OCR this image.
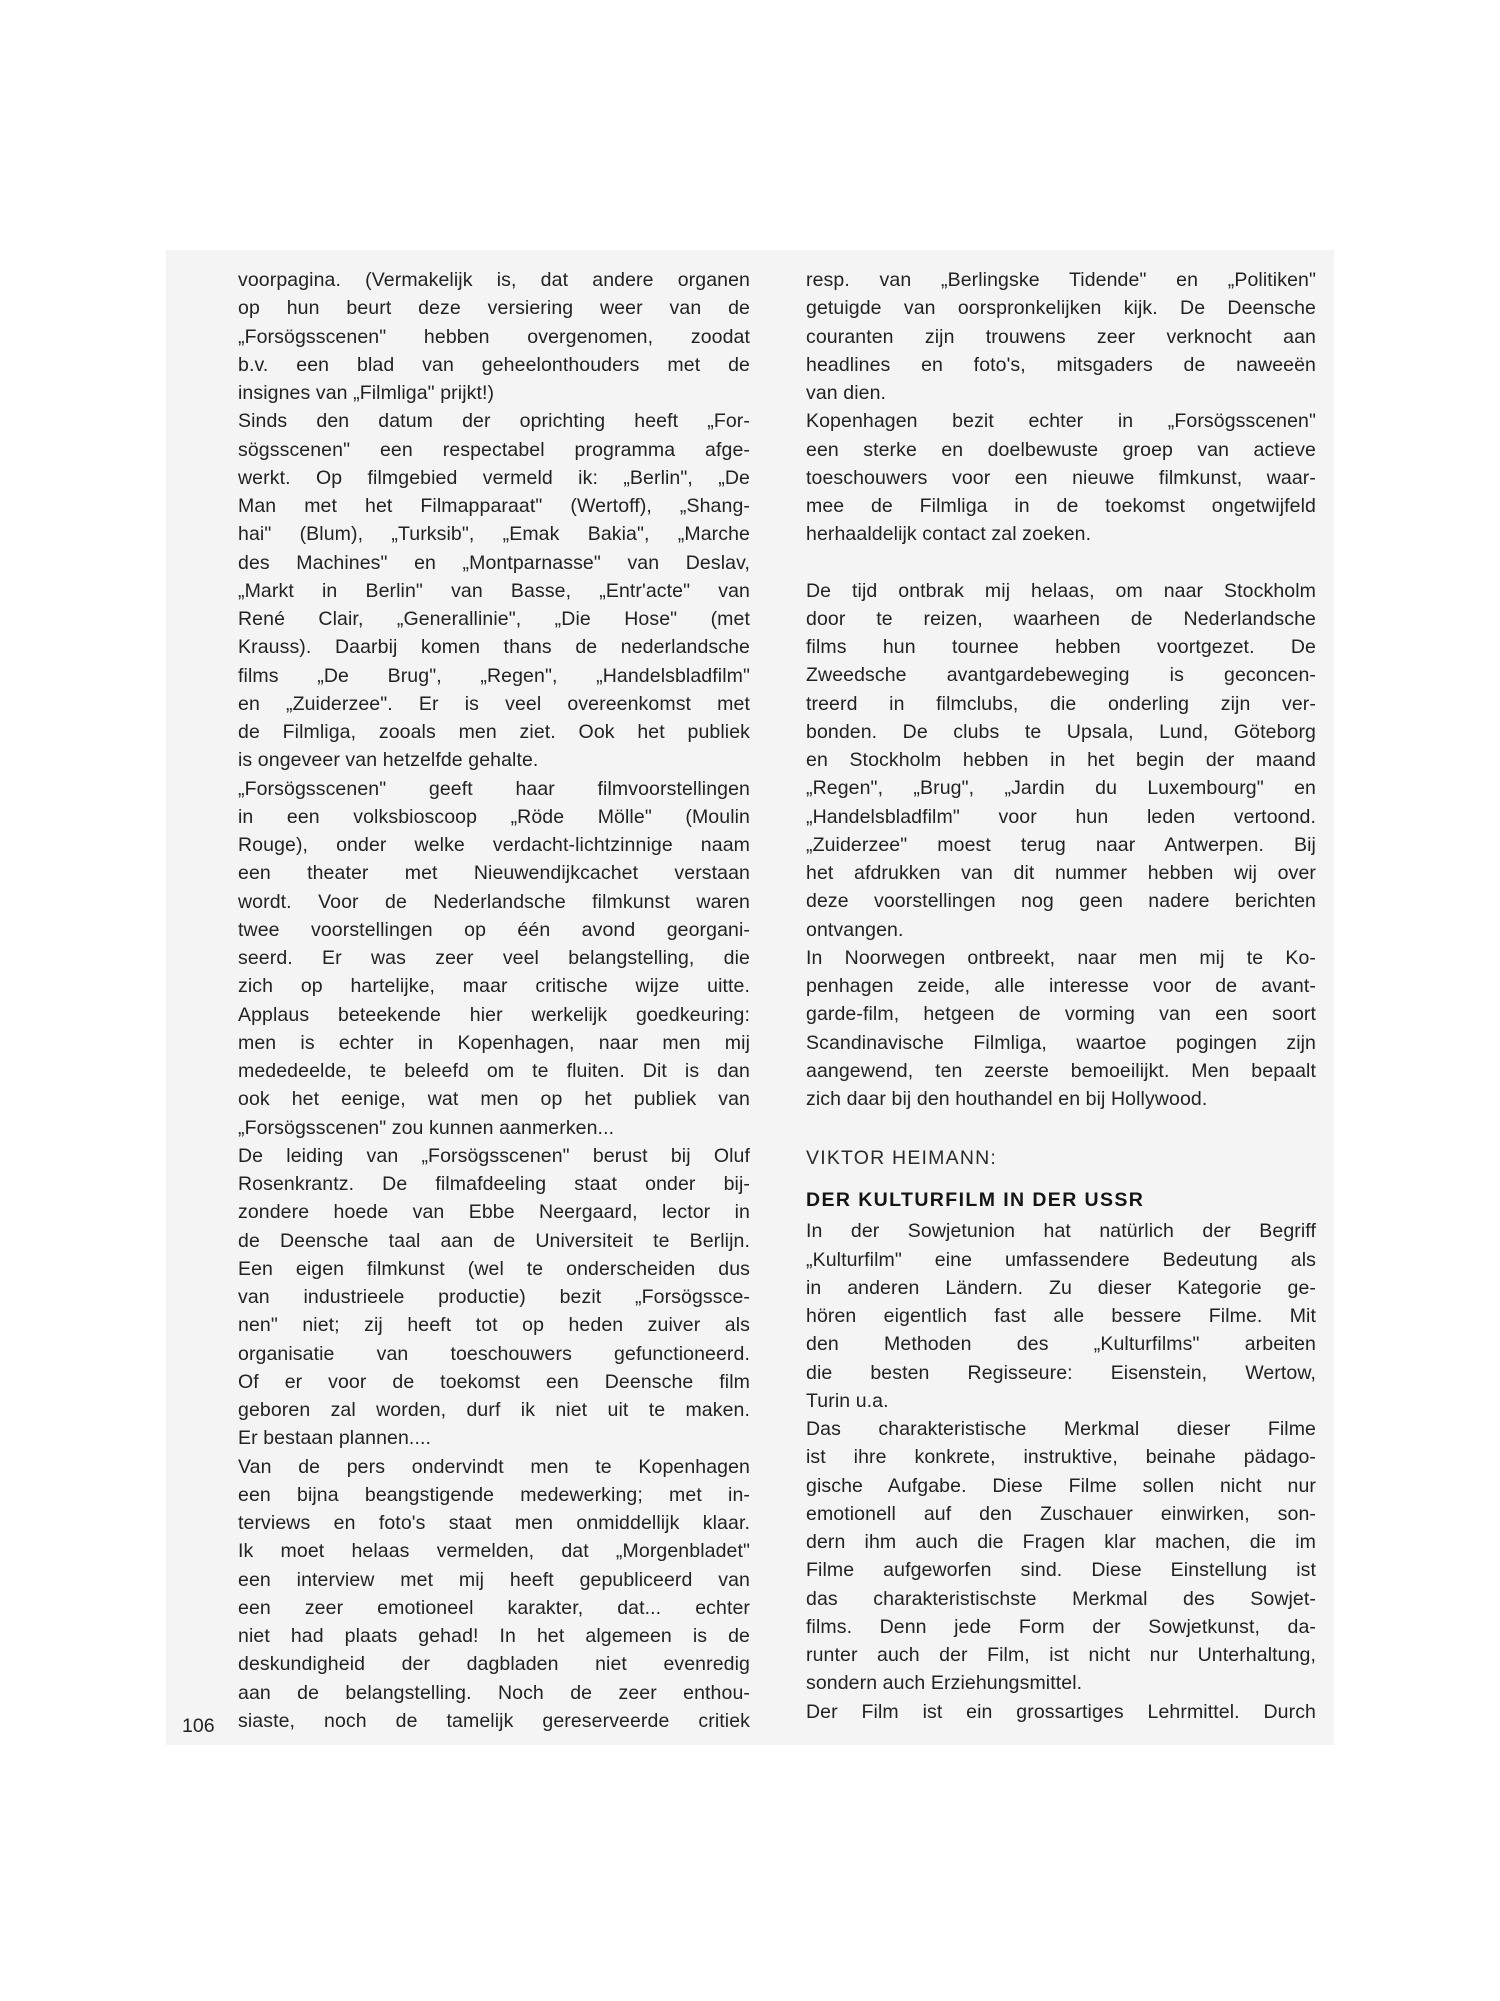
voorpagina. (Vermakelijk is, dat andere organen
op hun beurt deze versiering weer van de
„Forsögsscenen" hebben overgenomen, zoodat
b.v. een blad van geheelonthouders met de
insignes van „Filmliga" prijkt!)
Sinds den datum der oprichting heeft „For-
sögsscenen" een respectabel programma afge-
werkt. Op filmgebied vermeld ik: „Berlin", „De
Man met het Filmapparaat" (Wertoff), „Shang-
hai" (Blum), „Turksib", „Emak Bakia", „Marche
des Machines" en „Montparnasse" van Deslav,
„Markt in Berlin" van Basse, „Entr'acte" van
René Clair, „Generallinie", „Die Hose" (met
Krauss). Daarbij komen thans de nederlandsche
films „De Brug", „Regen", „Handelsbladfilm"
en „Zuiderzee". Er is veel overeenkomst met
de Filmliga, zooals men ziet. Ook het publiek
is ongeveer van hetzelfde gehalte.
„Forsögsscenen" geeft haar filmvoorstellingen
in een volksbioscoop „Röde Mölle" (Moulin
Rouge), onder welke verdacht-lichtzinnige naam
een theater met Nieuwendijkcachet verstaan
wordt. Voor de Nederlandsche filmkunst waren
twee voorstellingen op één avond georgani-
seerd. Er was zeer veel belangstelling, die
zich op hartelijke, maar critische wijze uitte.
Applaus beteekende hier werkelijk goedkeuring:
men is echter in Kopenhagen, naar men mij
mededeelde, te beleefd om te fluiten. Dit is dan
ook het eenige, wat men op het publiek van
„Forsögsscenen" zou kunnen aanmerken...
De leiding van „Forsögsscenen" berust bij Oluf
Rosenkrantz. De filmafdeeling staat onder bij-
zondere hoede van Ebbe Neergaard, lector in
de Deensche taal aan de Universiteit te Berlijn.
Een eigen filmkunst (wel te onderscheiden dus
van industrieele productie) bezit „Forsögssce-
nen" niet; zij heeft tot op heden zuiver als
organisatie van toeschouwers gefunctioneerd.
Of er voor de toekomst een Deensche film
geboren zal worden, durf ik niet uit te maken.
Er bestaan plannen....
Van de pers ondervindt men te Kopenhagen
een bijna beangstigende medewerking; met in-
terviews en foto's staat men onmiddellijk klaar.
Ik moet helaas vermelden, dat „Morgenbladet"
een interview met mij heeft gepubliceerd van
een zeer emotioneel karakter, dat... echter
niet had plaats gehad! In het algemeen is de
deskundigheid der dagbladen niet evenredig
aan de belangstelling. Noch de zeer enthou-
siaste, noch de tamelijk gereserveerde critiek
resp. van „Berlingske Tidende" en „Politiken"
getuigde van oorspronkelijken kijk. De Deensche
couranten zijn trouwens zeer verknocht aan
headlines en foto's, mitsgaders de naweeën
van dien.
Kopenhagen bezit echter in „Forsögsscenen"
een sterke en doelbewuste groep van actieve
toeschouwers voor een nieuwe filmkunst, waar-
mee de Filmliga in de toekomst ongetwijfeld
herhaaldelijk contact zal zoeken.
De tijd ontbrak mij helaas, om naar Stockholm
door te reizen, waarheen de Nederlandsche
films hun tournee hebben voortgezet. De
Zweedsche avantgardebeweging is geconcen-
treerd in filmclubs, die onderling zijn ver-
bonden. De clubs te Upsala, Lund, Göteborg
en Stockholm hebben in het begin der maand
„Regen", „Brug", „Jardin du Luxembourg" en
„Handelsbladfilm" voor hun leden vertoond.
„Zuiderzee" moest terug naar Antwerpen. Bij
het afdrukken van dit nummer hebben wij over
deze voorstellingen nog geen nadere berichten
ontvangen.
In Noorwegen ontbreekt, naar men mij te Ko-
penhagen zeide, alle interesse voor de avant-
garde-film, hetgeen de vorming van een soort
Scandinavische Filmliga, waartoe pogingen zijn
aangewend, ten zeerste bemoeilijkt. Men bepaalt
zich daar bij den houthandel en bij Hollywood.
VIKTOR HEIMANN:
DER KULTURFILM IN DER USSR
In der Sowjetunion hat natürlich der Begriff
„Kulturfilm" eine umfassendere Bedeutung als
in anderen Ländern. Zu dieser Kategorie ge-
hören eigentlich fast alle bessere Filme. Mit
den Methoden des „Kulturfilms" arbeiten
die besten Regisseure: Eisenstein, Wertow,
Turin u.a.
Das charakteristische Merkmal dieser Filme
ist ihre konkrete, instruktive, beinahe pädago-
gische Aufgabe. Diese Filme sollen nicht nur
emotionell auf den Zuschauer einwirken, son-
dern ihm auch die Fragen klar machen, die im
Filme aufgeworfen sind. Diese Einstellung ist
das charakteristischste Merkmal des Sowjet-
films. Denn jede Form der Sowjetkunst, da-
runter auch der Film, ist nicht nur Unterhaltung,
sondern auch Erziehungsmittel.
Der Film ist ein grossartiges Lehrmittel. Durch
106
